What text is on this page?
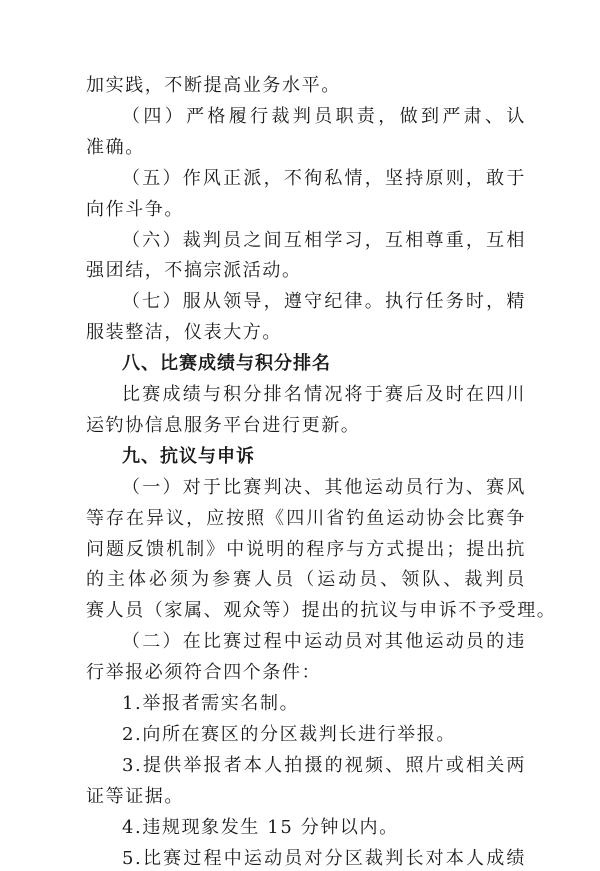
加实践，不断提高业务水平。
（四）严格履行裁判员职责，做到严肃、认
准确。
（五）作风正派，不徇私情，坚持原则，敢于
向作斗争。
（六）裁判员之间互相学习，互相尊重，互相
强团结，不搞宗派活动。
（七）服从领导，遵守纪律。执行任务时，精
服装整洁，仪表大方。
八、比赛成绩与积分排名
比赛成绩与积分排名情况将于赛后及时在四川
运钓协信息服务平台进行更新。
九、抗议与申诉
（一）对于比赛判决、其他运动员行为、赛风
等存在异议，应按照《四川省钓鱼运动协会比赛争
问题反馈机制》中说明的程序与方式提出；提出抗
的主体必须为参赛人员（运动员、领队、裁判员
赛人员（家属、观众等）提出的抗议与申诉不予受理。
（二）在比赛过程中运动员对其他运动员的违
行举报必须符合四个条件：
1.举报者需实名制。
2.向所在赛区的分区裁判长进行举报。
3.提供举报者本人拍摄的视频、照片或相关两
证等证据。
4.违规现象发生 15 分钟以内。
5.比赛过程中运动员对分区裁判长对本人成绩
